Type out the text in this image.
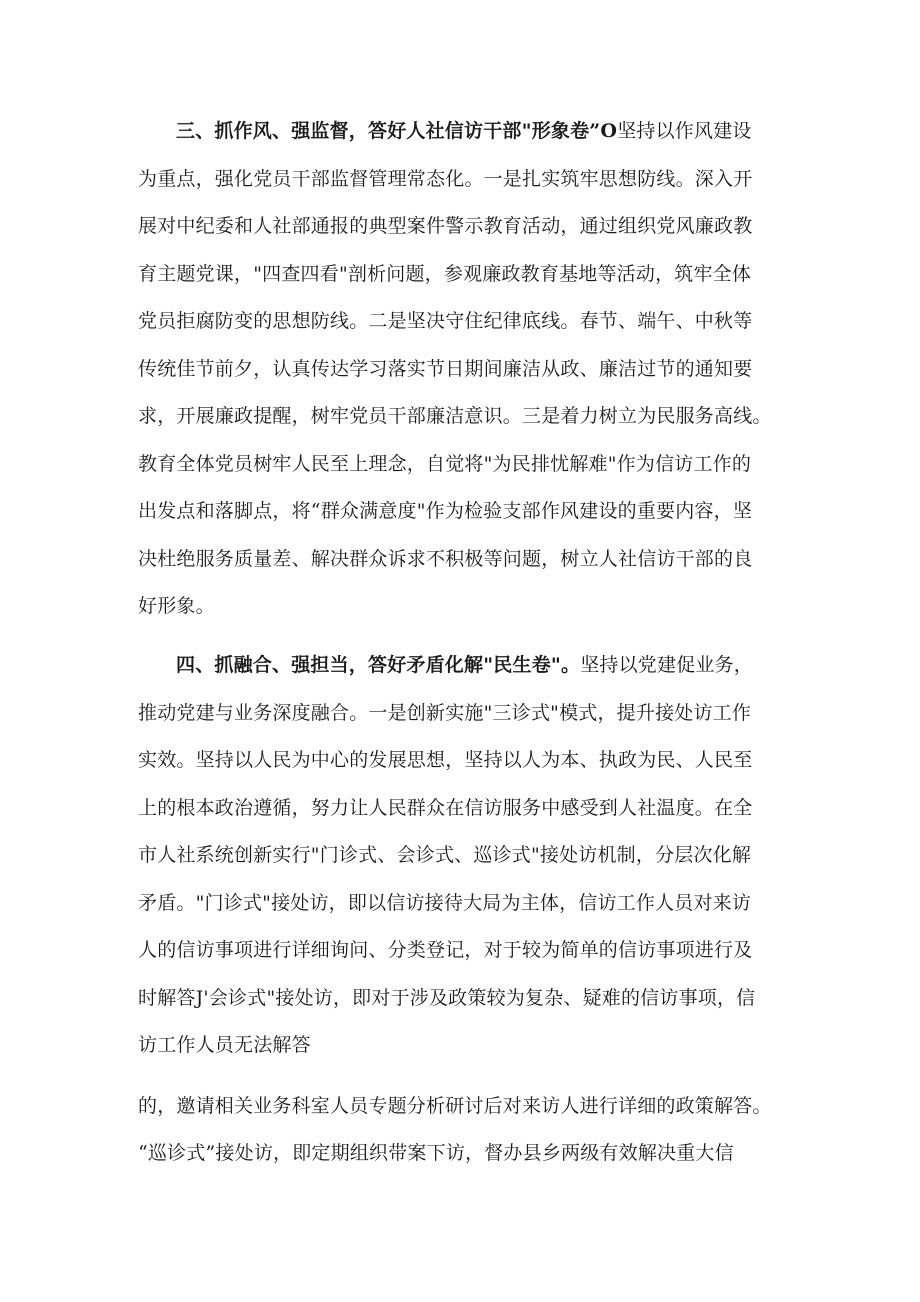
三、抓作风、强监督，答好人社信访干部"形象卷”O坚持以作风建设
为重点，强化党员干部监督管理常态化。一是扎实筑牢思想防线。深入开
展对中纪委和人社部通报的典型案件警示教育活动，通过组织党风廉政教
育主题党课，"四查四看"剖析问题，参观廉政教育基地等活动，筑牢全体
党员拒腐防变的思想防线。二是坚决守住纪律底线。春节、端午、中秋等
传统佳节前夕，认真传达学习落实节日期间廉洁从政、廉洁过节的通知要
求，开展廉政提醒，树牢党员干部廉洁意识。三是着力树立为民服务高线。
教育全体党员树牢人民至上理念，自觉将"为民排忧解难"作为信访工作的
出发点和落脚点，将“群众满意度"作为检验支部作风建设的重要内容，坚
决杜绝服务质量差、解决群众诉求不积极等问题，树立人社信访干部的良
好形象。
四、抓融合、强担当，答好矛盾化解"民生卷"。坚持以党建促业务，
推动党建与业务深度融合。一是创新实施"三诊式"模式，提升接处访工作
实效。坚持以人民为中心的发展思想，坚持以人为本、执政为民、人民至
上的根本政治遵循，努力让人民群众在信访服务中感受到人社温度。在全
市人社系统创新实行"门诊式、会诊式、巡诊式"接处访机制，分层次化解
矛盾。"门诊式"接处访，即以信访接待大局为主体，信访工作人员对来访
人的信访事项进行详细询问、分类登记，对于较为简单的信访事项进行及
时解答J'会诊式"接处访，即对于涉及政策较为复杂、疑难的信访事项，信
访工作人员无法解答
的，邀请相关业务科室人员专题分析研讨后对来访人进行详细的政策解答。
“巡诊式”接处访，即定期组织带案下访，督办县乡两级有效解决重大信
